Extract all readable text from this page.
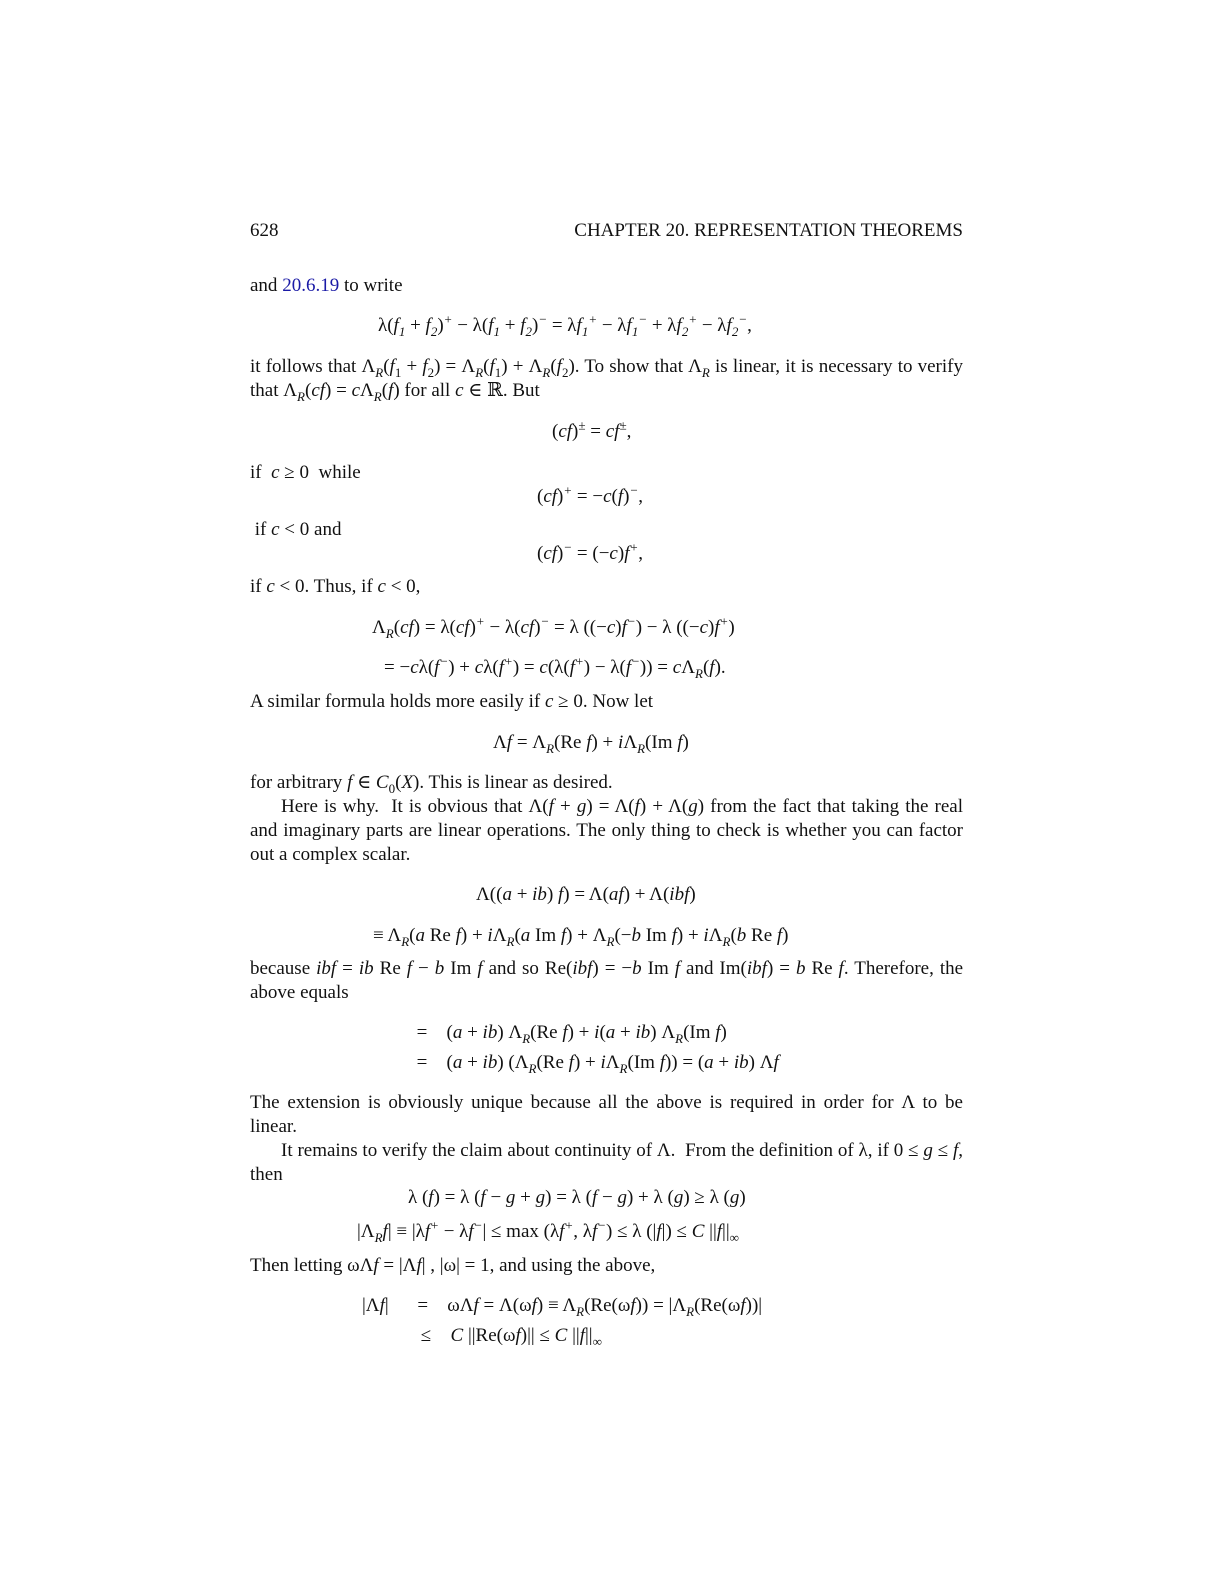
628	CHAPTER 20. REPRESENTATION THEOREMS
and 20.6.19 to write
$\lambda(f_1 + f_2)^+ - \lambda(f_1 + f_2)^- = \lambda f_1^+ - \lambda f_1^- + \lambda f_2^+ - \lambda f_2^-$,
it follows that $\Lambda_R(f_1 + f_2) = \Lambda_R(f_1) + \Lambda_R(f_2)$. To show that $\Lambda_R$ is linear, it is necessary to verify that $\Lambda_R(cf) = c\Lambda_R(f)$ for all c ∈ ℝ. But
(cf)± = cf±,
if  c ≥ 0  while
(cf)+ = −c(f)−,
if c < 0 and
(cf)− = (−c)f+,
if c < 0. Thus, if c < 0,
$\Lambda_R(cf) = \lambda(cf)^+ - \lambda(cf)^- = \lambda$ ((−c)f−) − λ ((−c)f+)
= $-c\lambda(f^-) + c\lambda(f^+) = c(\lambda(f^+) - \lambda(f^-)) = c\Lambda_R(f)$.
A similar formula holds more easily if c ≥ 0. Now let
$\Lambda f = \Lambda_R(Re$ $f) + i\Lambda_R(Im$ f)
for arbitrary f ∈ $C_0(X)$. This is linear as desired.
Here is why.  It is obvious that Λ(f + g) = Λ(f) + Λ(g) from the fact that taking the real and imaginary parts are linear operations. The only thing to check is whether you can factor out a complex scalar.
Λ((a + ib) f) = Λ(af) + Λ(ibf)
≡ $\Lambda_R(a$ Re $f) + i\Lambda_R(a$ Im $f) + \Lambda_R(-b$ Im $f) + i\Lambda_R(b$ Re f)
because ibf = ib Re f − b Im f and so Re(ibf) = −b Im f and Im(ibf) = b Re f. Therefore, the above equals
= (a + ib) $\Lambda_R(Re$ f) + i(a + ib) $\Lambda_R(Im$ f)
= (a + ib) ($\Lambda_R(Re$ $f) + i\Lambda_R(Im$ f)) = (a + ib) Λf
The extension is obviously unique because all the above is required in order for Λ to be linear.
It remains to verify the claim about continuity of Λ.  From the definition of λ, if 0 ≤ g ≤ f, then
λ (f) = λ (f − g + g) = λ (f − g) + λ (g) ≥ λ (g)
$|\Lambda_Rf| \equiv |\lambda f^+ - \lambda f^-| \le \max (\lambda f^+$, λf−) ≤ λ (|f|) ≤ C $||f||_\infty$
Then letting ωΛf = |Λf| , |ω| = 1, and using the above,
$|\Lambda f| = \omega\Lambda f = \Lambda(\omega f) \equiv \Lambda_R(Re(\omega f)) = |\Lambda_R(Re(\omega f))|$
≤  C ||Re(ωf)|| ≤ C $||f||_\infty$
